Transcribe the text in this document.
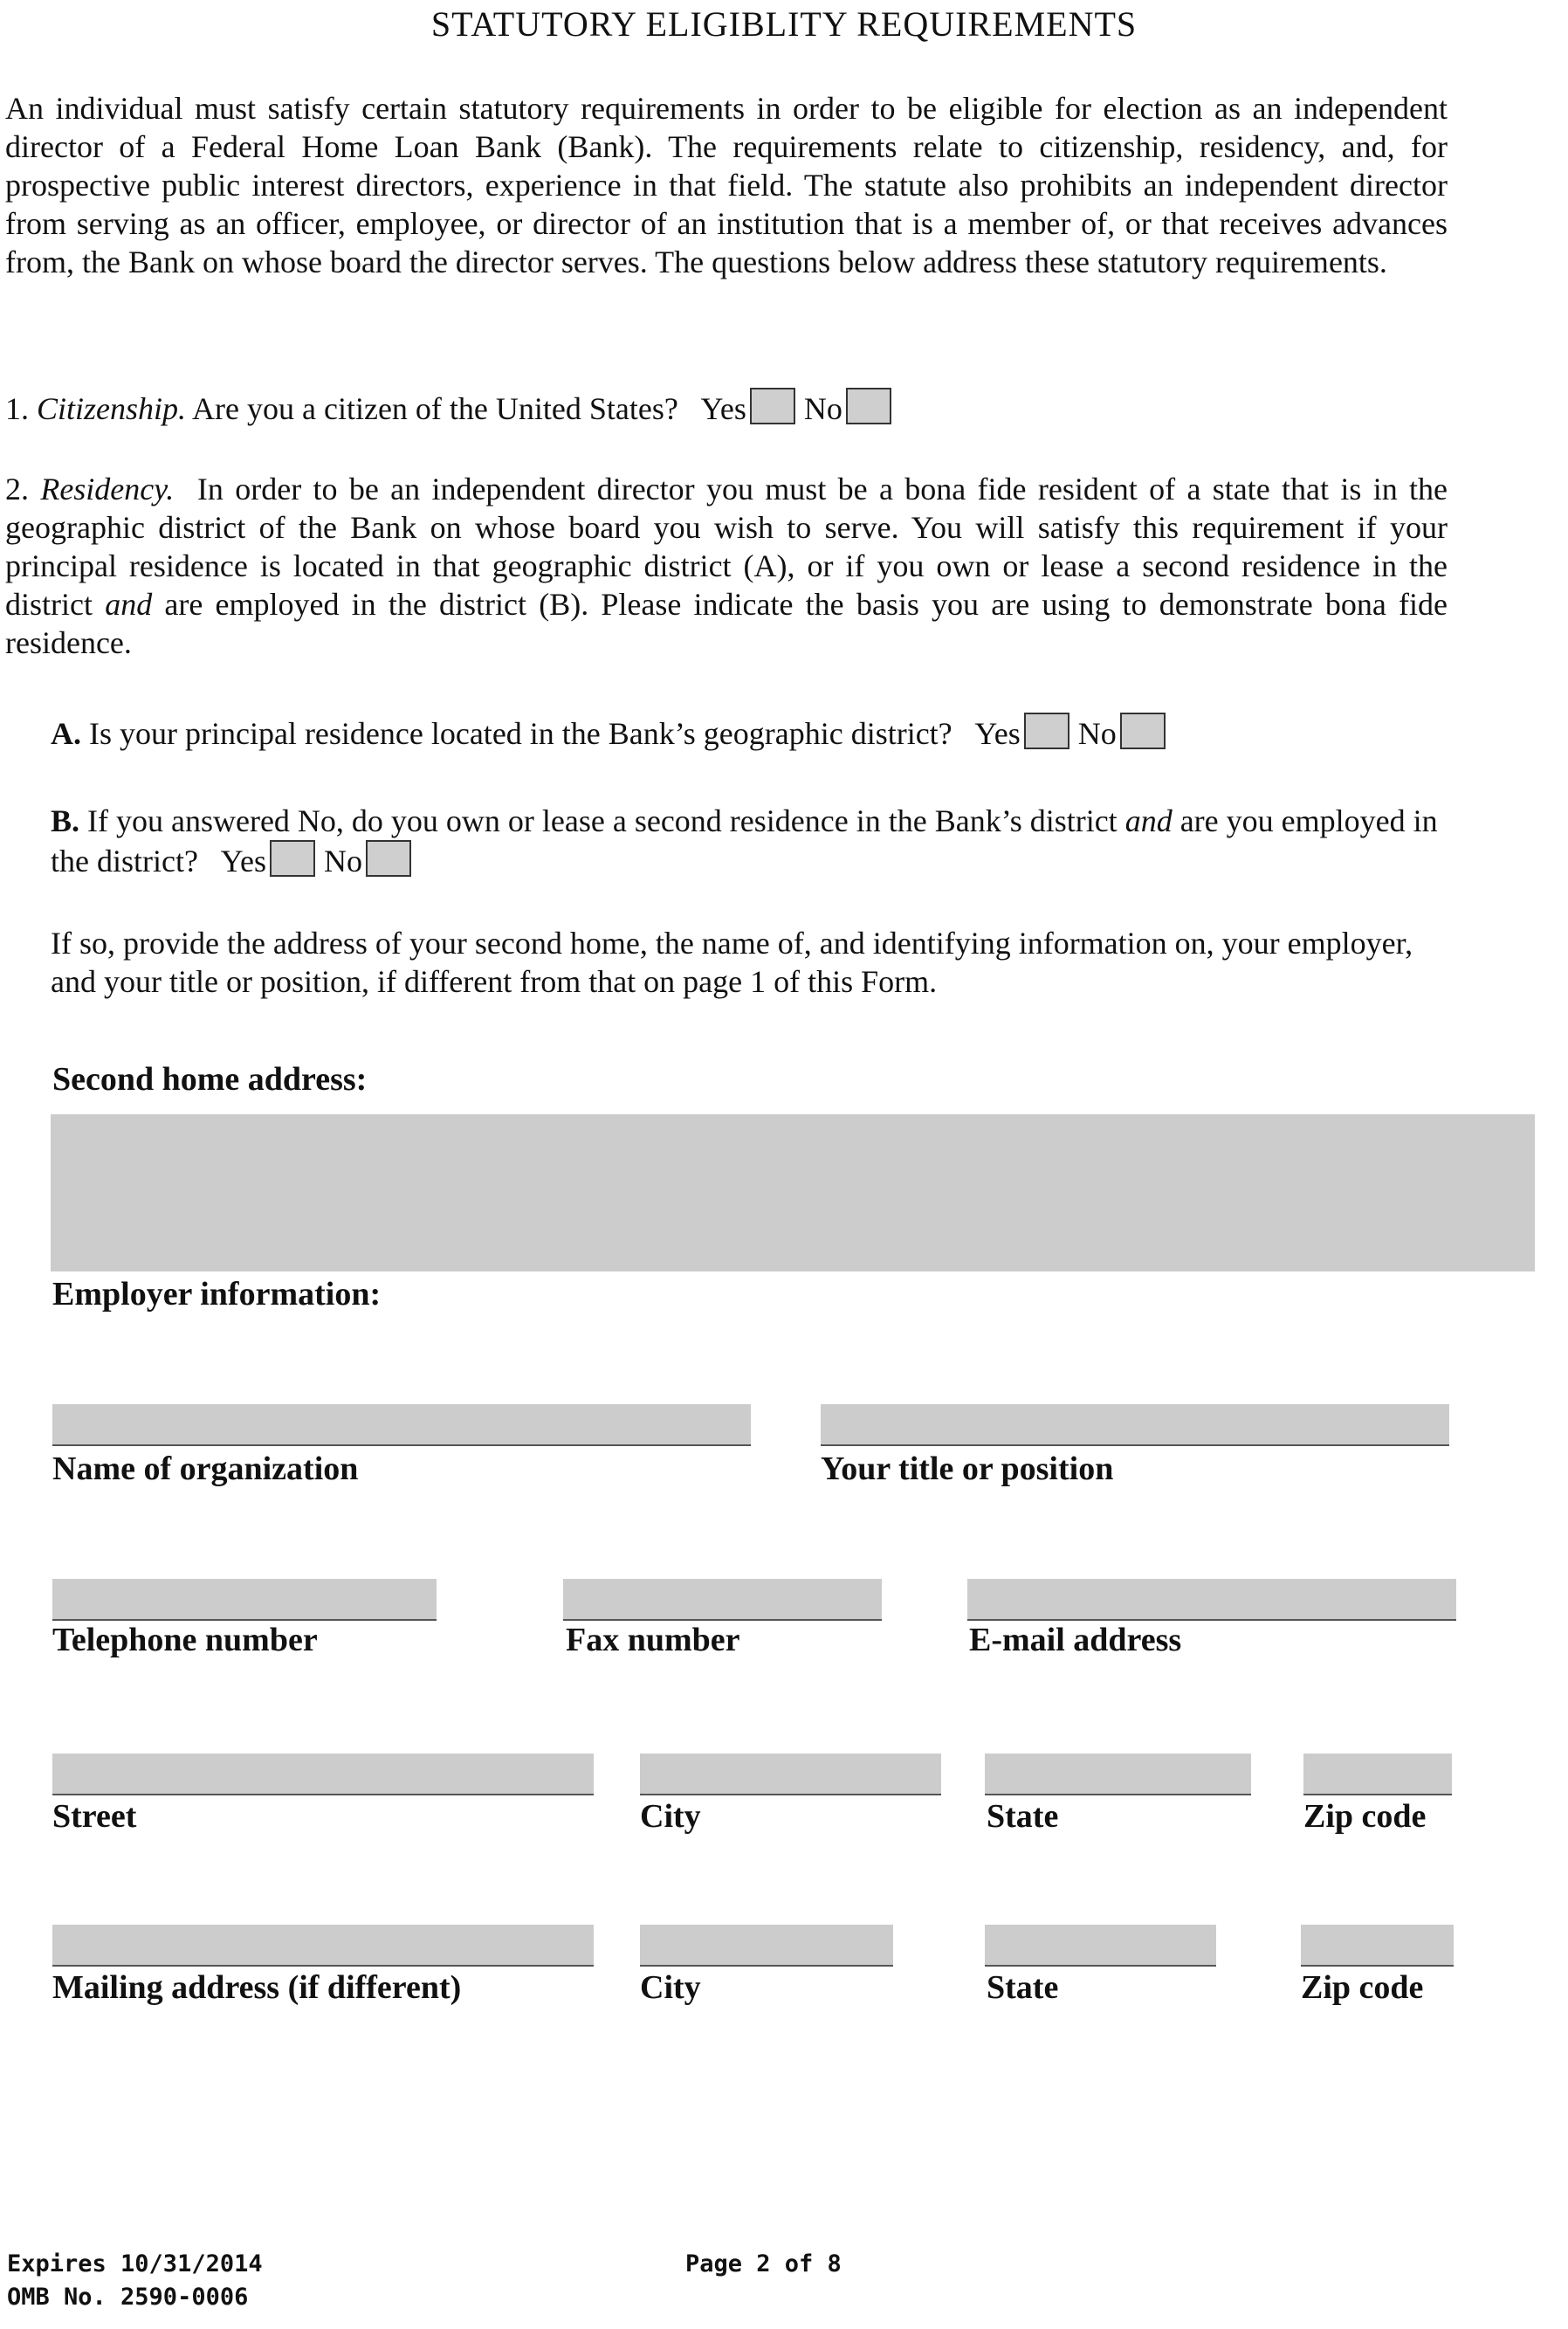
STATUTORY ELIGIBLITY REQUIREMENTS
An individual must satisfy certain statutory requirements in order to be eligible for election as an independent director of a Federal Home Loan Bank (Bank). The requirements relate to citizenship, residency, and, for prospective public interest directors, experience in that field. The statute also prohibits an independent director from serving as an officer, employee, or director of an institution that is a member of, or that receives advances from, the Bank on whose board the director serves. The questions below address these statutory requirements.
1. Citizenship. Are you a citizen of the United States? Yes No
2. Residency. In order to be an independent director you must be a bona fide resident of a state that is in the geographic district of the Bank on whose board you wish to serve. You will satisfy this requirement if your principal residence is located in that geographic district (A), or if you own or lease a second residence in the district and are employed in the district (B). Please indicate the basis you are using to demonstrate bona fide residence.
A. Is your principal residence located in the Bank’s geographic district? Yes No
B. If you answered No, do you own or lease a second residence in the Bank’s district and are you employed in the district? Yes No
If so, provide the address of your second home, the name of, and identifying information on, your employer, and your title or position, if different from that on page 1 of this Form.
Second home address:
Employer information:
Name of organization	Your title or position
Telephone number	Fax number	E-mail address
Street	City	State	Zip code
Mailing address (if different)	City	State	Zip code
Expires 10/31/2014
OMB No. 2590-0006
Page 2 of 8
